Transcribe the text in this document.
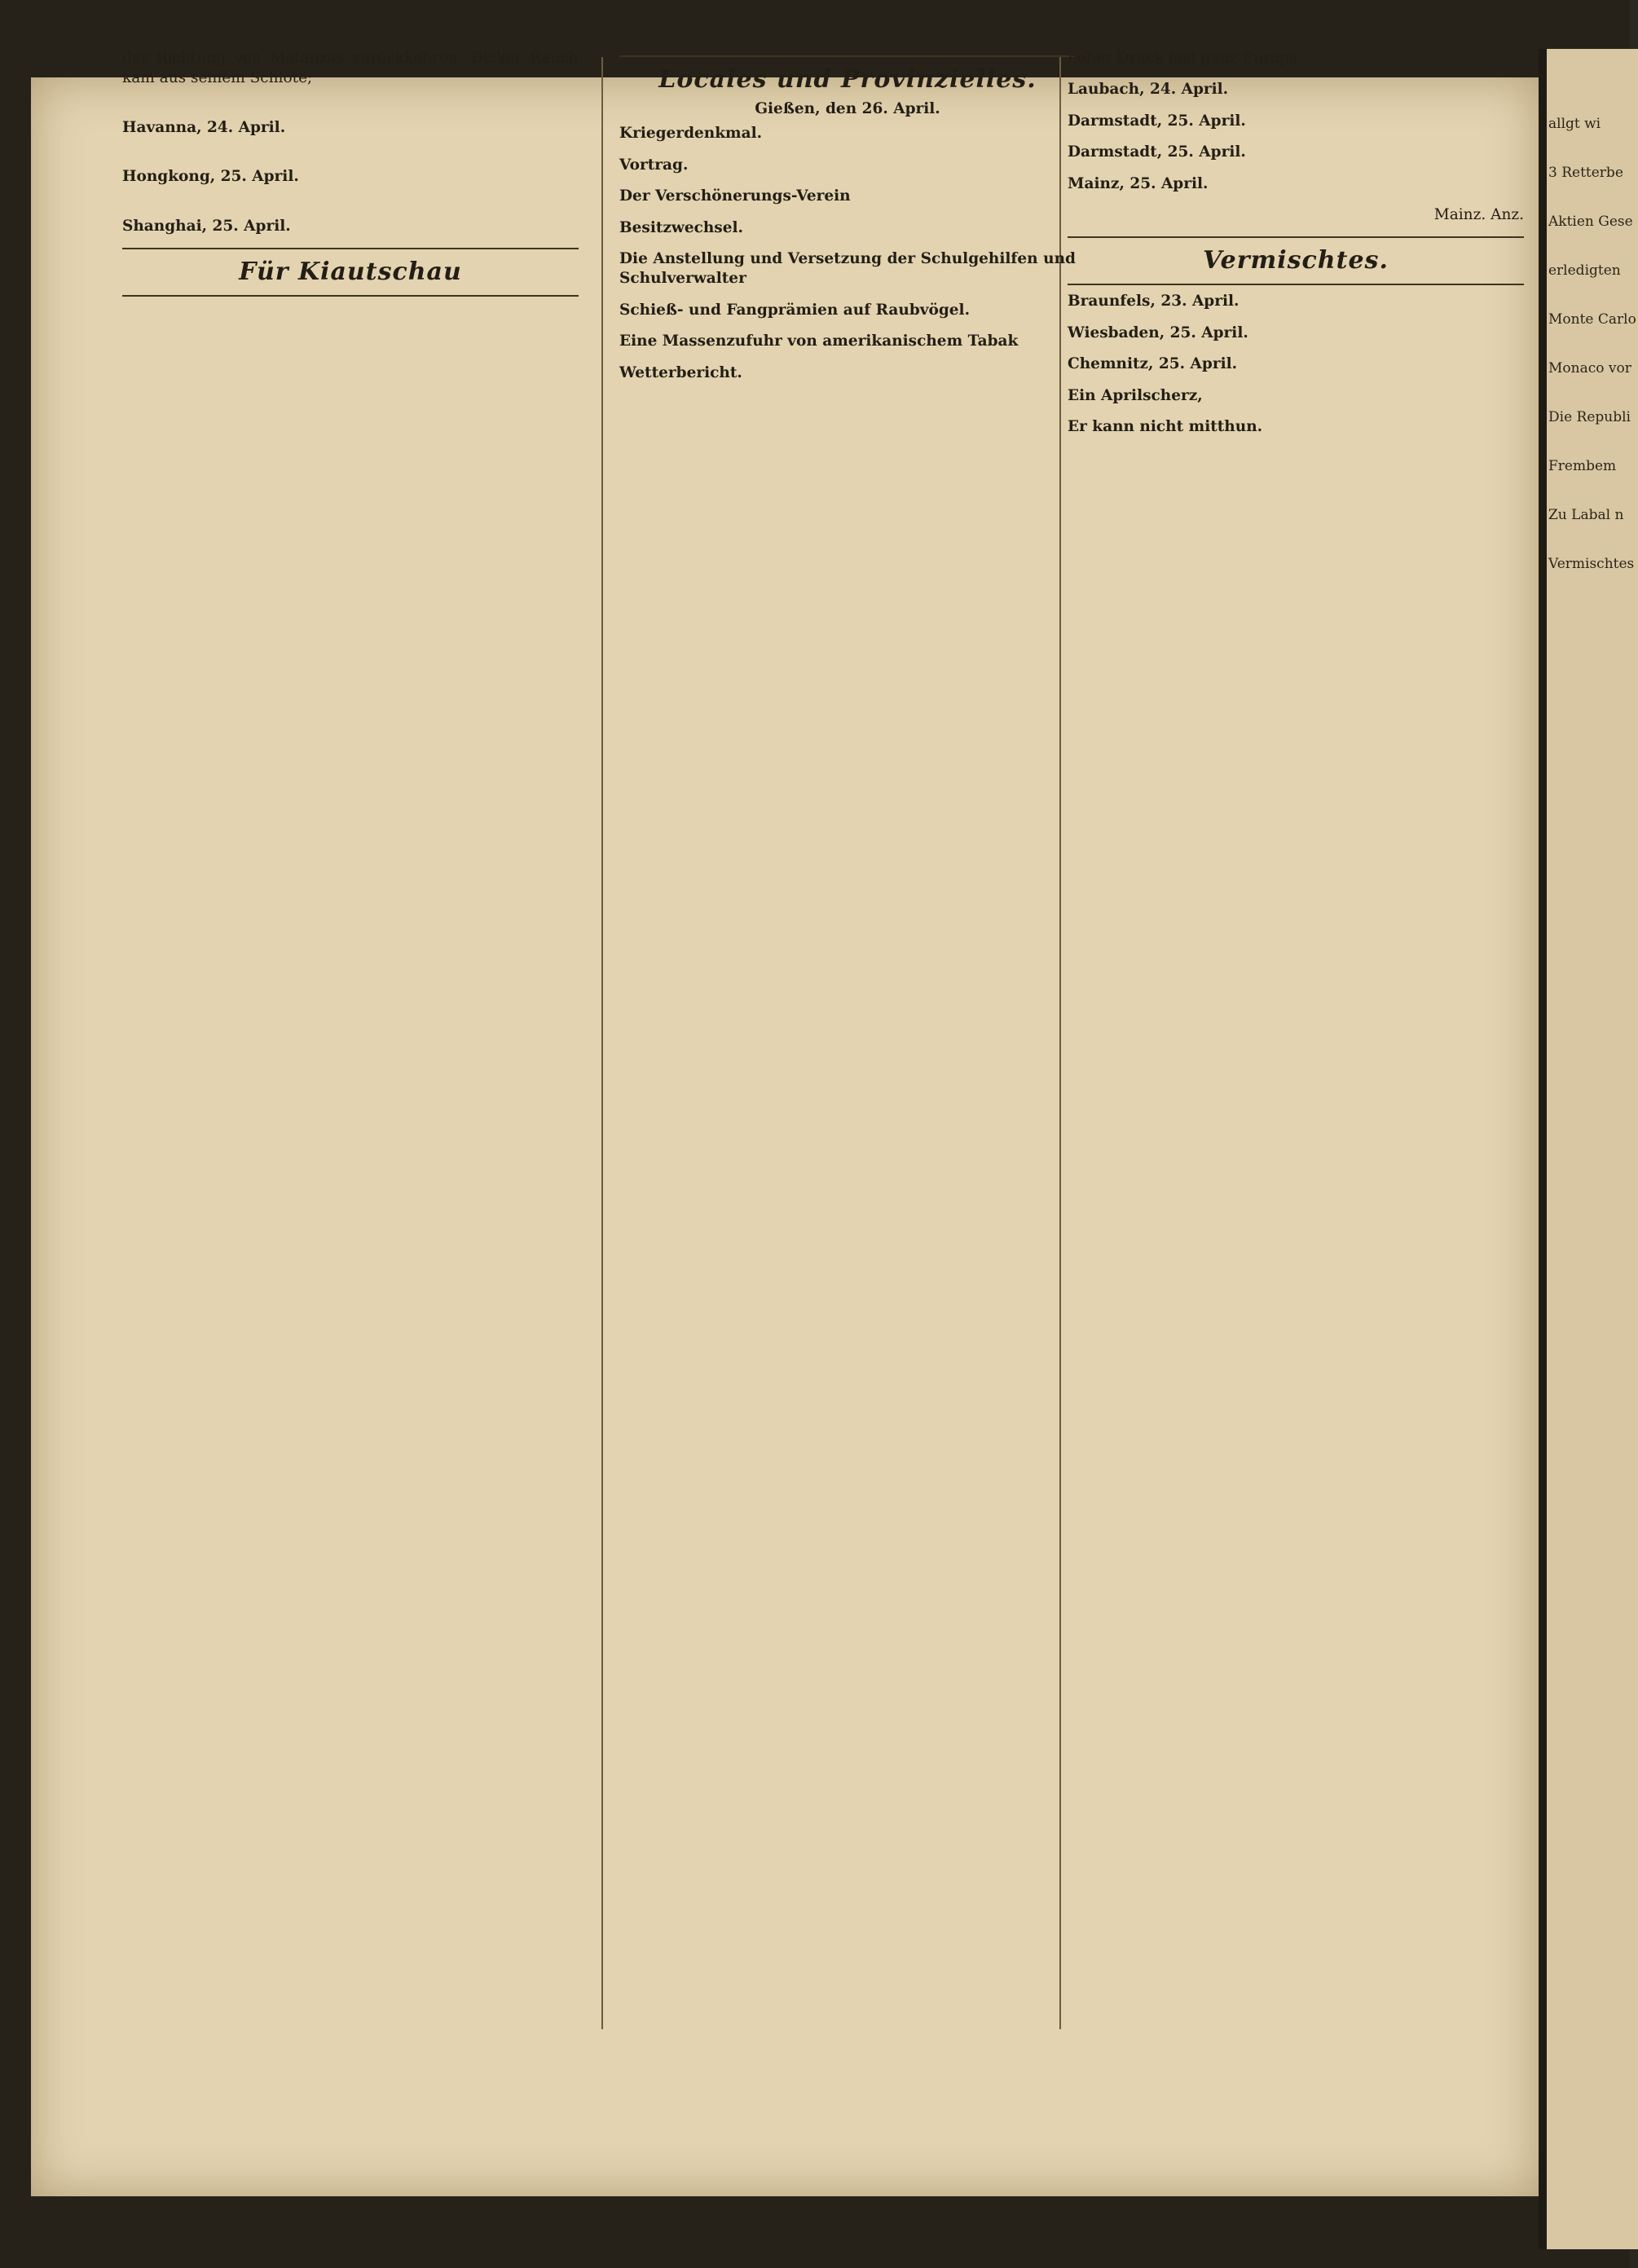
der Richtung von Matanzas zurückkehren. Dicker Rauch kam aus seinem Schlote;
Havanna, 24. April.
Hongkong, 25. April.
Shanghai, 25. April.
Für Kiautschau
Locales und Provinzielles.
Gießen, den 26. April.
Kriegerdenkmal.
Vortrag.
Der Verschönerungs-Verein
Besitzwechsel.
Die Anstellung und Versetzung der Schulgehilfen und Schulverwalter
Schieß- und Fangprämien auf Raubvögel.
Eine Massenzufuhr von amerikanischem Tabak
Wetterbericht.
hoher Druck fast ganz Europa.
Laubach, 24. April.
Darmstadt, 25. April.
Darmstadt, 25. April.
Mainz, 25. April.
Mainz. Anz.
Vermischtes.
Braunfels, 23. April.
Wiesbaden, 25. April.
Chemnitz, 25. April.
Ein Aprilscherz,
Er kann nicht mitthun.
allgt wi
3 Retterbe
Aktien Gese
erledigten
Monte Carlo
Monaco vor
Die Republi
Frembem
Zu Labal n
Vermischtes
